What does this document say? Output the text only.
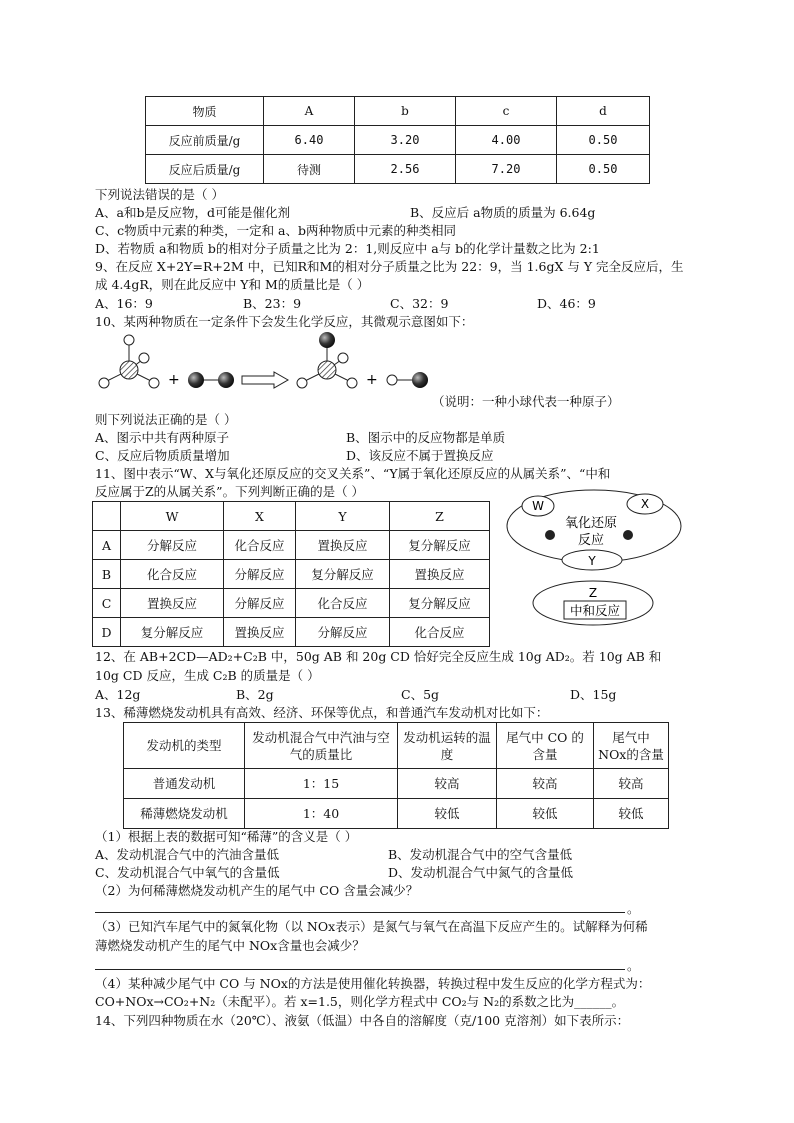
物质	A	b	c	d
反应前质量/g	6.40	3.20	4.00	0.50
反应后质量/g	待测	2.56	7.20	0.50
下列说法错误的是（ ）
A、a和b是反应物，d可能是催化剂	B、反应后 a物质的质量为 6.64g
C、c物质中元素的种类，一定和 a、b两种物质中元素的种类相同
D、若物质 a和物质 b的相对分子质量之比为 2：1,则反应中 a与 b的化学计量数之比为 2:1
9、在反应 X+2Y=R+2M 中，已知R和M的相对分子质量之比为 22：9，当 1.6gX 与 Y 完全反应后，生
成 4.4gR，则在此反应中 Y和 M的质量比是（ ）
A、16：9	B、23：9	C、32：9	D、46：9
10、某两种物质在一定条件下会发生化学反应，其微观示意图如下：
+	+
（说明：一种小球代表一种原子）
则下列说法正确的是（ ）
A、图示中共有两种原子	B、图示中的反应物都是单质
C、反应后物质质量增加	D、该反应不属于置换反应
11、图中表示“W、X与氧化还原反应的交叉关系”、“Y属于氧化还原反应的从属关系”、“中和
反应属于Z的从属关系”。下列判断正确的是（ ）
	W	X	Y	Z
A	分解反应	化合反应	置换反应	复分解反应
B	化合反应	分解反应	复分解反应	置换反应
C	置换反应	分解反应	化合反应	复分解反应
D	复分解反应	置换反应	分解反应	化合反应
W	X
氧化还原
反应
Y
Z
中和反应
12、在 AB+2CD—AD₂+C₂B 中，50g AB 和 20g CD 恰好完全反应生成 10g AD₂。若 10g AB 和
10g CD 反应，生成 C₂B 的质量是（ ）
A、12g	B、2g	C、5g	D、15g
13、稀薄燃烧发动机具有高效、经济、环保等优点，和普通汽车发动机对比如下：
发动机的类型	发动机混合气中汽油与空气的质量比	发动机运转的温度	尾气中 CO 的含量	尾气中 NOx的含量
普通发动机	1：15	较高	较高	较高
稀薄燃烧发动机	1：40	较低	较低	较低
（1）根据上表的数据可知“稀薄”的含义是（ ）
A、发动机混合气中的汽油含量低	B、发动机混合气中的空气含量低
C、发动机混合气中氧气的含量低	D、发动机混合气中氮气的含量低
（2）为何稀薄燃烧发动机产生的尾气中 CO 含量会减少？
。
（3）已知汽车尾气中的氮氧化物（以 NOx表示）是氮气与氧气在高温下反应产生的。试解释为何稀
薄燃烧发动机产生的尾气中 NOx含量也会减少？
。
（4）某种减少尾气中 CO 与 NOx的方法是使用催化转换器，转换过程中发生反应的化学方程式为：
CO+NOx→CO₂+N₂（未配平）。若 x=1.5，则化学方程式中 CO₂与 N₂的系数之比为______。
14、下列四种物质在水（20℃）、液氨（低温）中各自的溶解度（克/100 克溶剂）如下表所示：
